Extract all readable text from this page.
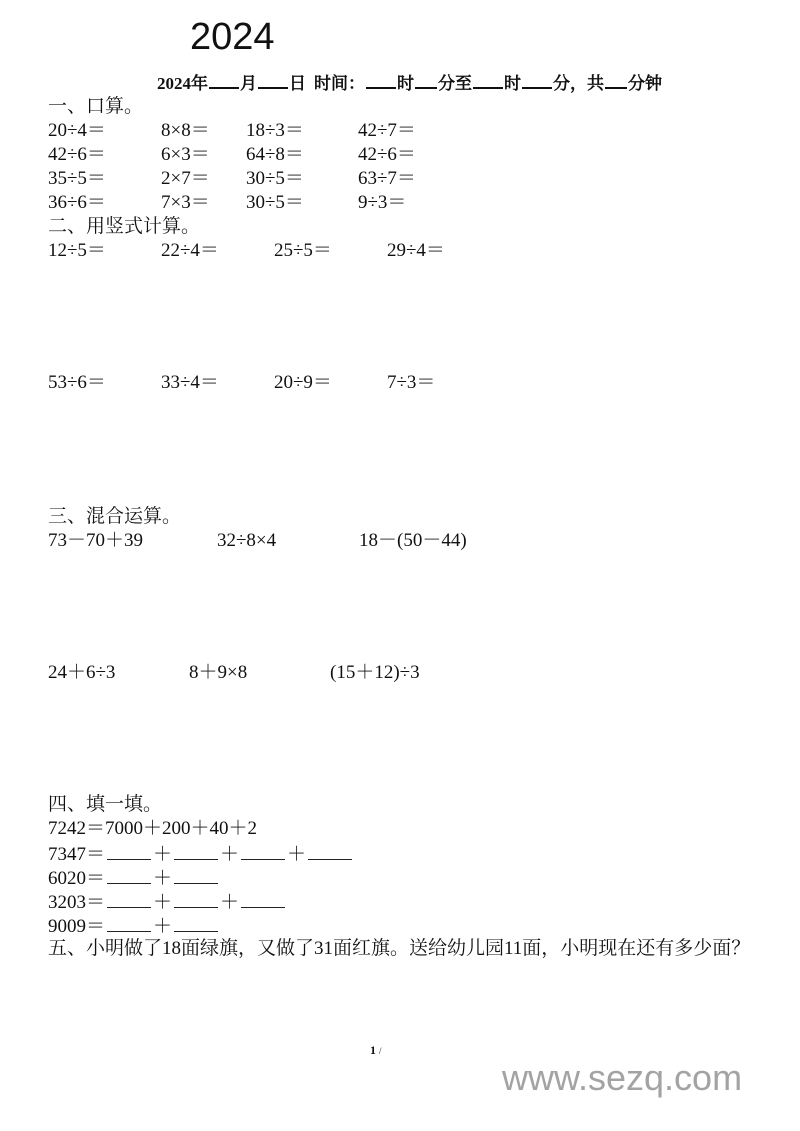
2024
2024年 月 日 时间： 时 分至 时 分，共 分钟
一、口算。
20÷4＝	8×8＝ 18÷3＝	42÷7＝
42÷6＝	6×3＝ 64÷8＝	42÷6＝
35÷5＝	2×7＝ 30÷5＝	63÷7＝
36÷6＝	7×3＝ 30÷5＝	9÷3＝
二、用竖式计算。
12÷5＝	22÷4＝	25÷5＝	29÷4＝
53÷6＝	33÷4＝	20÷9＝	7÷3＝
三、混合运算。
73－70＋39	32÷8×4	18－(50－44)
24＋6÷3	8＋9×8	(15＋12)÷3
四、填一填。
7242＝7000＋200＋40＋2
7347＝	＋	＋	＋
6020＝	＋
3203＝	＋	＋
9009＝	＋
五、小明做了18面绿旗，又做了31面红旗。送给幼儿园11面，小明现在还有多少面？
1 /
www.sezq.com
